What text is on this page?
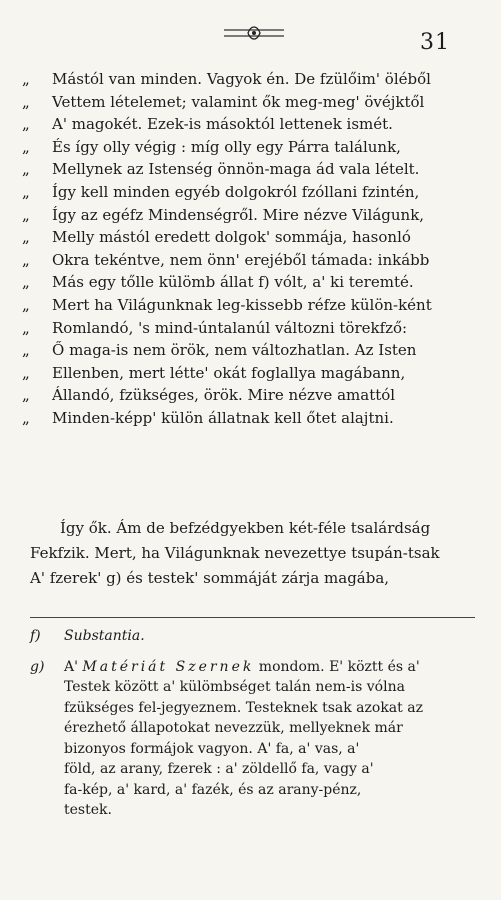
31
„ Mástól van minden. Vagyok én. De fzülőim' öléből
„ Vettem lételemet; valamint ők meg-meg' övéjktől
„ A' magokét. Ezek-is másoktól lettenek ismét.
„ És így olly végig : míg olly egy Párra találunk,
„ Mellynek az Istenség önnön-maga ád vala lételt.
„ Így kell minden egyéb dolgokról fzóllani fzintén,
„ Így az egéfz Mindenségről. Mire nézve Világunk,
„ Melly mástól eredett dolgok' sommája, hasonló
„ Okra tekéntve, nem önn' erejéből támada: inkább
„ Más egy tőlle külömb állat f) vólt, a' ki teremté.
„ Mert ha Világunknak leg-kissebb réfze külön-ként
„ Romlandó, 's mind-úntalanúl változni törekfző:
„ Ő maga-is nem örök, nem változhatlan. Az Isten
„ Ellenben, mert létte' okát foglallya magábann,
„ Állandó, fzükséges, örök. Mire nézve amattól
„ Minden-képp' külön állatnak kell őtet alajtni.
Így ők. Ám de befzédgyekben két-féle tsalárdság
Fekfzik. Mert, ha Világunknak nevezettye tsupán-tsak
A' fzerek' g) és testek' sommáját zárja magába,
f)	Substantia.
g)	A' Matériát Szernek mondom. E' köztt és a'
Testek között a' külömbséget talán nem-is vólna
fzükséges fel-jegyeznem. Testeknek tsak azokat az
érezhető állapotokat nevezzük, mellyeknek már
bizonyos formájok vagyon. A' fa, a' vas, a'
föld, az arany, fzerek : a' zöldellő fa, vagy a'
fa-kép, a' kard, a' fazék, és az arany-pénz,
testek.
